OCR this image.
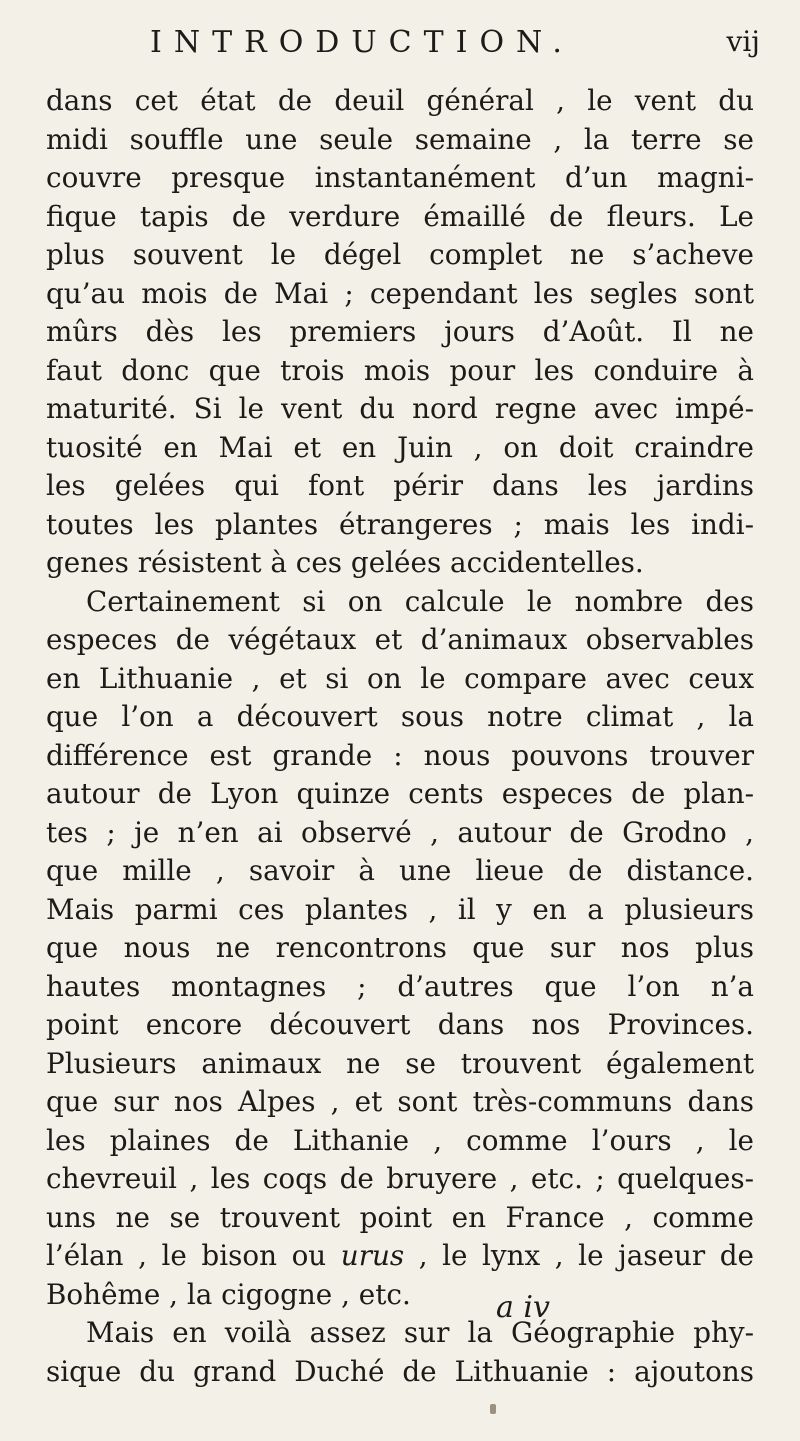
INTRODUCTION.	vij
dans cet état de deuil général , le vent du
midi souffle une seule semaine , la terre se
couvre presque instantanément d’un magni-
fique tapis de verdure émaillé de fleurs. Le
plus souvent le dégel complet ne s’acheve
qu’au mois de Mai ; cependant les segles sont
mûrs dès les premiers jours d’Août. Il ne
faut donc que trois mois pour les conduire à
maturité. Si le vent du nord regne avec impé-
tuosité en Mai et en Juin , on doit craindre
les gelées qui font périr dans les jardins
toutes les plantes étrangeres ; mais les indi-
genes résistent à ces gelées accidentelles.
Certainement si on calcule le nombre des
especes de végétaux et d’animaux observables
en Lithuanie , et si on le compare avec ceux
que l’on a découvert sous notre climat , la
différence est grande : nous pouvons trouver
autour de Lyon quinze cents especes de plan-
tes ; je n’en ai observé , autour de Grodno ,
que mille , savoir à une lieue de distance.
Mais parmi ces plantes , il y en a plusieurs
que nous ne rencontrons que sur nos plus
hautes montagnes ; d’autres que l’on n’a
point encore découvert dans nos Provinces.
Plusieurs animaux ne se trouvent également
que sur nos Alpes , et sont très-communs dans
les plaines de Lithanie , comme l’ours , le
chevreuil , les coqs de bruyere , etc. ; quelques-
uns ne se trouvent point en France , comme
l’élan , le bison ou urus , le lynx , le jaseur de
Bohême , la cigogne , etc.
Mais en voilà assez sur la Géographie phy-
sique du grand Duché de Lithuanie : ajoutons
a iv
